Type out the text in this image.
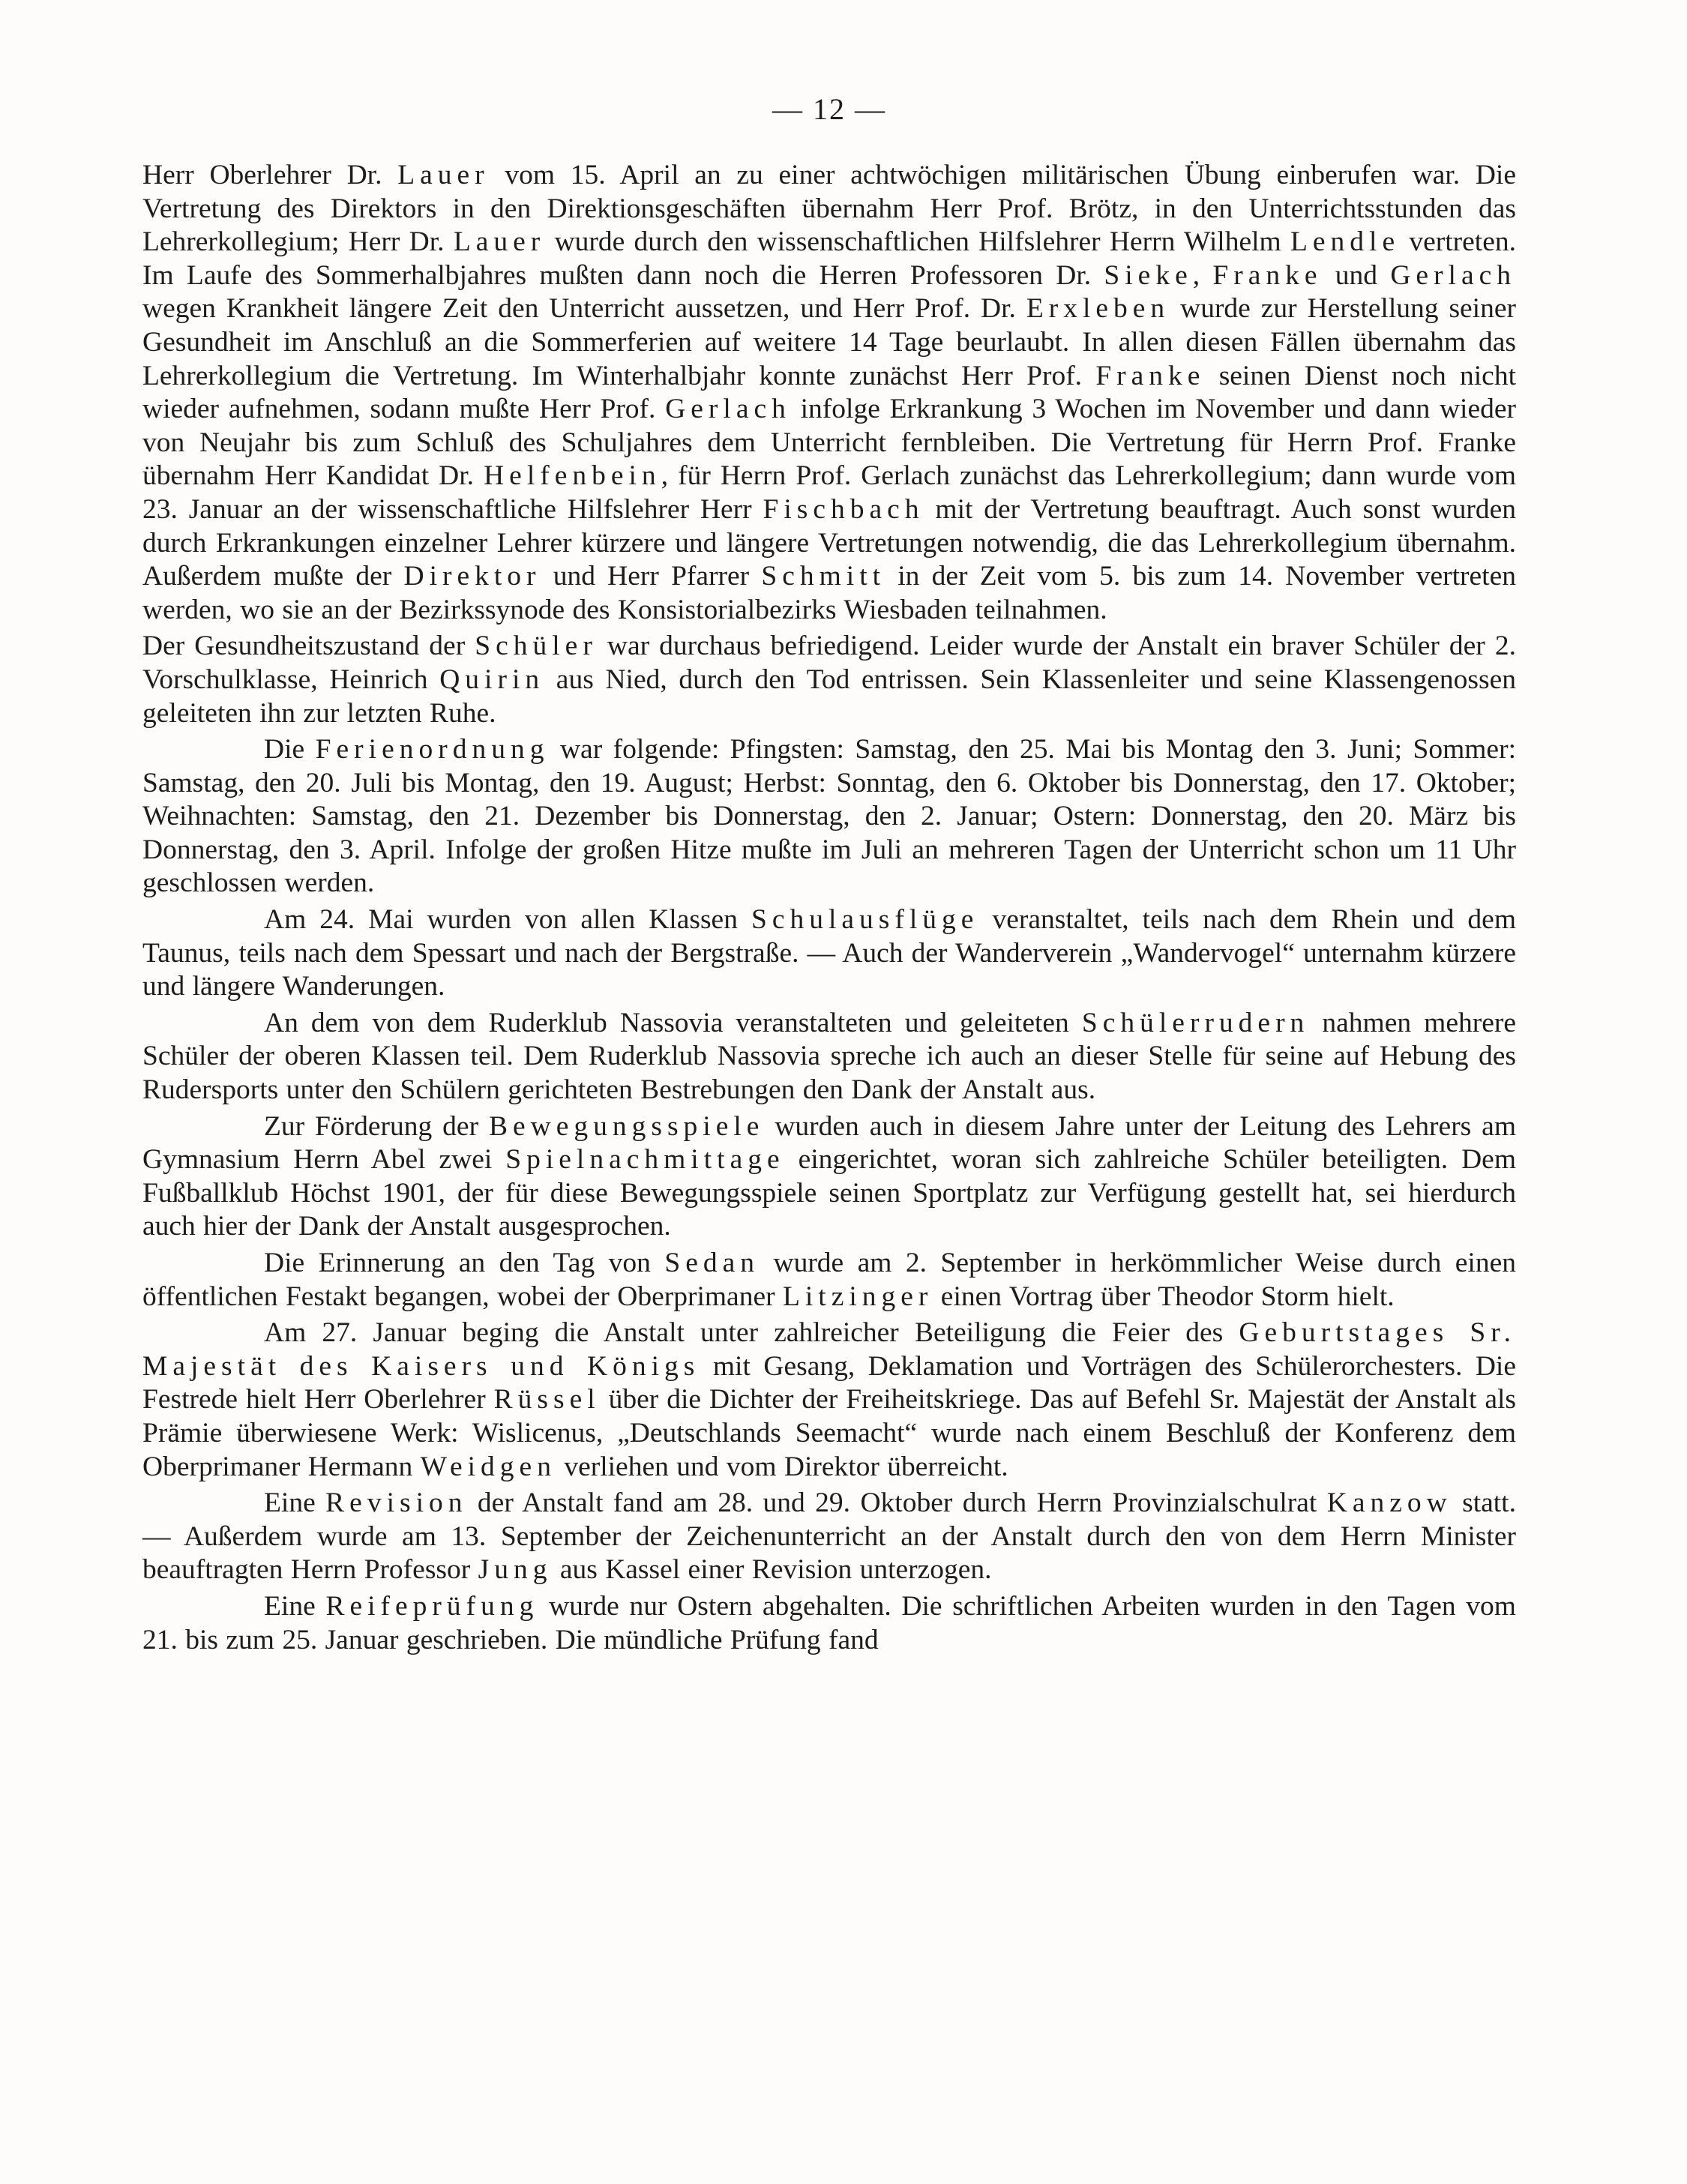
— 12 —

Herr Oberlehrer Dr. Lauer vom 15. April an zu einer achtwöchigen militärischen Übung einberufen war. Die Vertretung des Direktors in den Direktionsgeschäften übernahm Herr Prof. Brötz, in den Unterrichtsstunden das Lehrerkollegium; Herr Dr. Lauer wurde durch den wissenschaftlichen Hilfslehrer Herrn Wilhelm Lendle vertreten. Im Laufe des Sommerhalbjahres mußten dann noch die Herren Professoren Dr. Sieke, Franke und Gerlach wegen Krankheit längere Zeit den Unterricht aussetzen, und Herr Prof. Dr. Erxleben wurde zur Herstellung seiner Gesundheit im Anschluß an die Sommerferien auf weitere 14 Tage beurlaubt. In allen diesen Fällen übernahm das Lehrerkollegium die Vertretung. Im Winterhalbjahr konnte zunächst Herr Prof. Franke seinen Dienst noch nicht wieder aufnehmen, sodann mußte Herr Prof. Gerlach infolge Erkrankung 3 Wochen im November und dann wieder von Neujahr bis zum Schluß des Schuljahres dem Unterricht fernbleiben. Die Vertretung für Herrn Prof. Franke übernahm Herr Kandidat Dr. Helfenbein, für Herrn Prof. Gerlach zunächst das Lehrerkollegium; dann wurde vom 23. Januar an der wissenschaftliche Hilfslehrer Herr Fischbach mit der Vertretung beauftragt. Auch sonst wurden durch Erkrankungen einzelner Lehrer kürzere und längere Vertretungen notwendig, die das Lehrerkollegium übernahm. Außerdem mußte der Direktor und Herr Pfarrer Schmitt in der Zeit vom 5. bis zum 14. November vertreten werden, wo sie an der Bezirkssynode des Konsistorialbezirks Wiesbaden teilnahmen.

Der Gesundheitszustand der Schüler war durchaus befriedigend. Leider wurde der Anstalt ein braver Schüler der 2. Vorschulklasse, Heinrich Quirin aus Nied, durch den Tod entrissen. Sein Klassenleiter und seine Klassengenossen geleiteten ihn zur letzten Ruhe.

Die Ferienordnung war folgende: Pfingsten: Samstag, den 25. Mai bis Montag den 3. Juni; Sommer: Samstag, den 20. Juli bis Montag, den 19. August; Herbst: Sonntag, den 6. Oktober bis Donnerstag, den 17. Oktober; Weihnachten: Samstag, den 21. Dezember bis Donnerstag, den 2. Januar; Ostern: Donnerstag, den 20. März bis Donnerstag, den 3. April. Infolge der großen Hitze mußte im Juli an mehreren Tagen der Unterricht schon um 11 Uhr geschlossen werden.

Am 24. Mai wurden von allen Klassen Schulausflüge veranstaltet, teils nach dem Rhein und dem Taunus, teils nach dem Spessart und nach der Bergstraße. — Auch der Wanderverein „Wandervogel“ unternahm kürzere und längere Wanderungen.

An dem von dem Ruderklub Nassovia veranstalteten und geleiteten Schülerrudern nahmen mehrere Schüler der oberen Klassen teil. Dem Ruderklub Nassovia spreche ich auch an dieser Stelle für seine auf Hebung des Rudersports unter den Schülern gerichteten Bestrebungen den Dank der Anstalt aus.

Zur Förderung der Bewegungsspiele wurden auch in diesem Jahre unter der Leitung des Lehrers am Gymnasium Herrn Abel zwei Spielnachmittage eingerichtet, woran sich zahlreiche Schüler beteiligten. Dem Fußballklub Höchst 1901, der für diese Bewegungsspiele seinen Sportplatz zur Verfügung gestellt hat, sei hierdurch auch hier der Dank der Anstalt ausgesprochen.

Die Erinnerung an den Tag von Sedan wurde am 2. September in herkömmlicher Weise durch einen öffentlichen Festakt begangen, wobei der Oberprimaner Litzinger einen Vortrag über Theodor Storm hielt.

Am 27. Januar beging die Anstalt unter zahlreicher Beteiligung die Feier des Geburtstages Sr. Majestät des Kaisers und Königs mit Gesang, Deklamation und Vorträgen des Schülerorchesters. Die Festrede hielt Herr Oberlehrer Rüssel über die Dichter der Freiheitskriege. Das auf Befehl Sr. Majestät der Anstalt als Prämie überwiesene Werk: Wislicenus, „Deutschlands Seemacht“ wurde nach einem Beschluß der Konferenz dem Oberprimaner Hermann Weidgen verliehen und vom Direktor überreicht.

Eine Revision der Anstalt fand am 28. und 29. Oktober durch Herrn Provinzialschulrat Kanzow statt. — Außerdem wurde am 13. September der Zeichenunterricht an der Anstalt durch den von dem Herrn Minister beauftragten Herrn Professor Jung aus Kassel einer Revision unterzogen.

Eine Reifeprüfung wurde nur Ostern abgehalten. Die schriftlichen Arbeiten wurden in den Tagen vom 21. bis zum 25. Januar geschrieben. Die mündliche Prüfung fand
